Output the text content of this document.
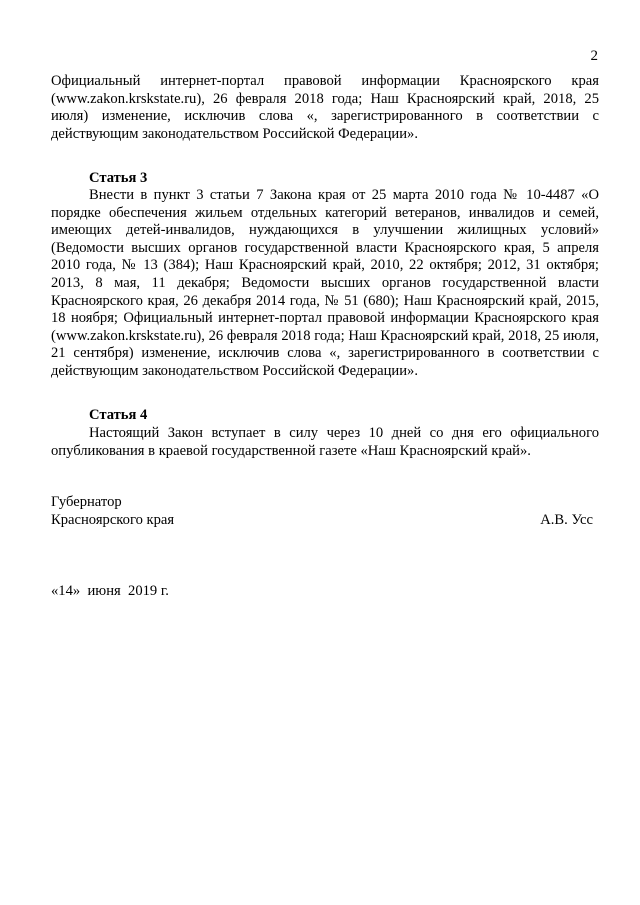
2

Официальный интернет-портал правовой информации Красноярского края (www.zakon.krskstate.ru), 26 февраля 2018 года; Наш Красноярский край, 2018, 25 июля) изменение, исключив слова «, зарегистрированного в соответствии с действующим законодательством Российской Федерации».

Статья 3

Внести в пункт 3 статьи 7 Закона края от 25 марта 2010 года № 10-4487 «О порядке обеспечения жильем отдельных категорий ветеранов, инвалидов и семей, имеющих детей-инвалидов, нуждающихся в улучшении жилищных условий» (Ведомости высших органов государственной власти Красноярского края, 5 апреля 2010 года, № 13 (384); Наш Красноярский край, 2010, 22 октября; 2012, 31 октября; 2013, 8 мая, 11 декабря; Ведомости высших органов государственной власти Красноярского края, 26 декабря 2014 года, № 51 (680); Наш Красноярский край, 2015, 18 ноября; Официальный интернет-портал правовой информации Красноярского края (www.zakon.krskstate.ru), 26 февраля 2018 года; Наш Красноярский край, 2018, 25 июля, 21 сентября) изменение, исключив слова «, зарегистрированного в соответствии с действующим законодательством Российской Федерации».

Статья 4

Настоящий Закон вступает в силу через 10 дней со дня его официального опубликования в краевой государственной газете «Наш Красноярский край».

Губернатор
Красноярского края	А.В. Усс
«14»  июня  2019 г.
